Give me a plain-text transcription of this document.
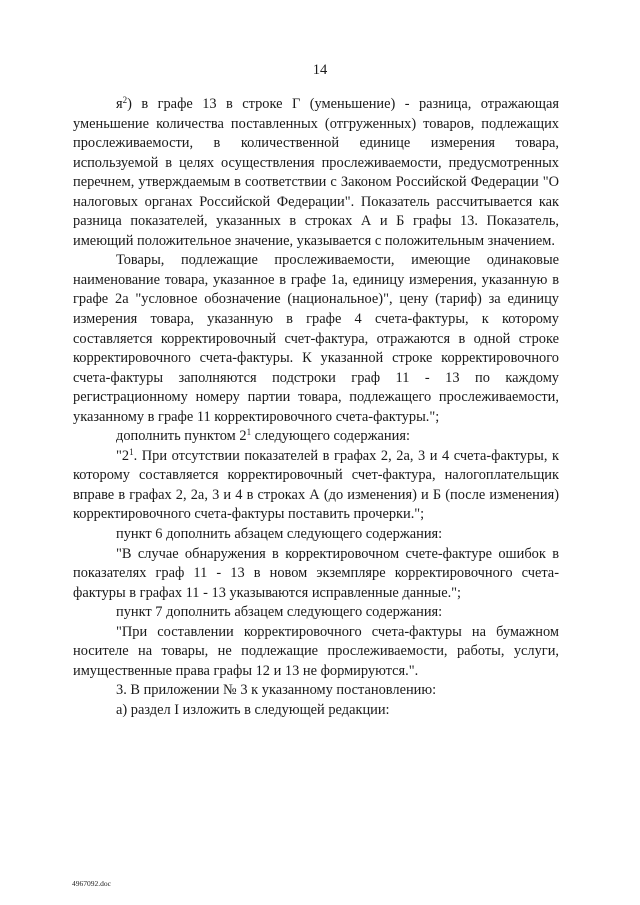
14

$я^2$) в графе 13 в строке Г (уменьшение) - разница, отражающая уменьшение количества поставленных (отгруженных) товаров, подлежащих прослеживаемости, в количественной единице измерения товара, используемой в целях осуществления прослеживаемости, предусмотренных перечнем, утверждаемым в соответствии с Законом Российской Федерации "О налоговых органах Российской Федерации". Показатель рассчитывается как разница показателей, указанных в строках А и Б графы 13. Показатель, имеющий положительное значение, указывается с положительным значением.

Товары, подлежащие прослеживаемости, имеющие одинаковые наименование товара, указанное в графе 1а, единицу измерения, указанную в графе 2а "условное обозначение (национальное)", цену (тариф) за единицу измерения товара, указанную в графе 4 счета-фактуры, к которому составляется корректировочный счет-фактура, отражаются в одной строке корректировочного счета-фактуры. К указанной строке корректировочного счета-фактуры заполняются подстроки граф 11 - 13 по каждому регистрационному номеру партии товара, подлежащего прослеживаемости, указанному в графе 11 корректировочного счета-фактуры.";

дополнить пунктом $2^1$ следующего содержания:

"$2^1$. При отсутствии показателей в графах 2, 2а, 3 и 4 счета-фактуры, к которому составляется корректировочный счет-фактура, налогоплательщик вправе в графах 2, 2а, 3 и 4 в строках А (до изменения) и Б (после изменения) корректировочного счета-фактуры поставить прочерки.";

пункт 6 дополнить абзацем следующего содержания:

"В случае обнаружения в корректировочном счете-фактуре ошибок в показателях граф 11 - 13 в новом экземпляре корректировочного счета-фактуры в графах 11 - 13 указываются исправленные данные.";

пункт 7 дополнить абзацем следующего содержания:

"При составлении корректировочного счета-фактуры на бумажном носителе на товары, не подлежащие прослеживаемости, работы, услуги, имущественные права графы 12 и 13 не формируются.".

3. В приложении № 3 к указанному постановлению:

а) раздел I изложить в следующей редакции:

4967092.doc
